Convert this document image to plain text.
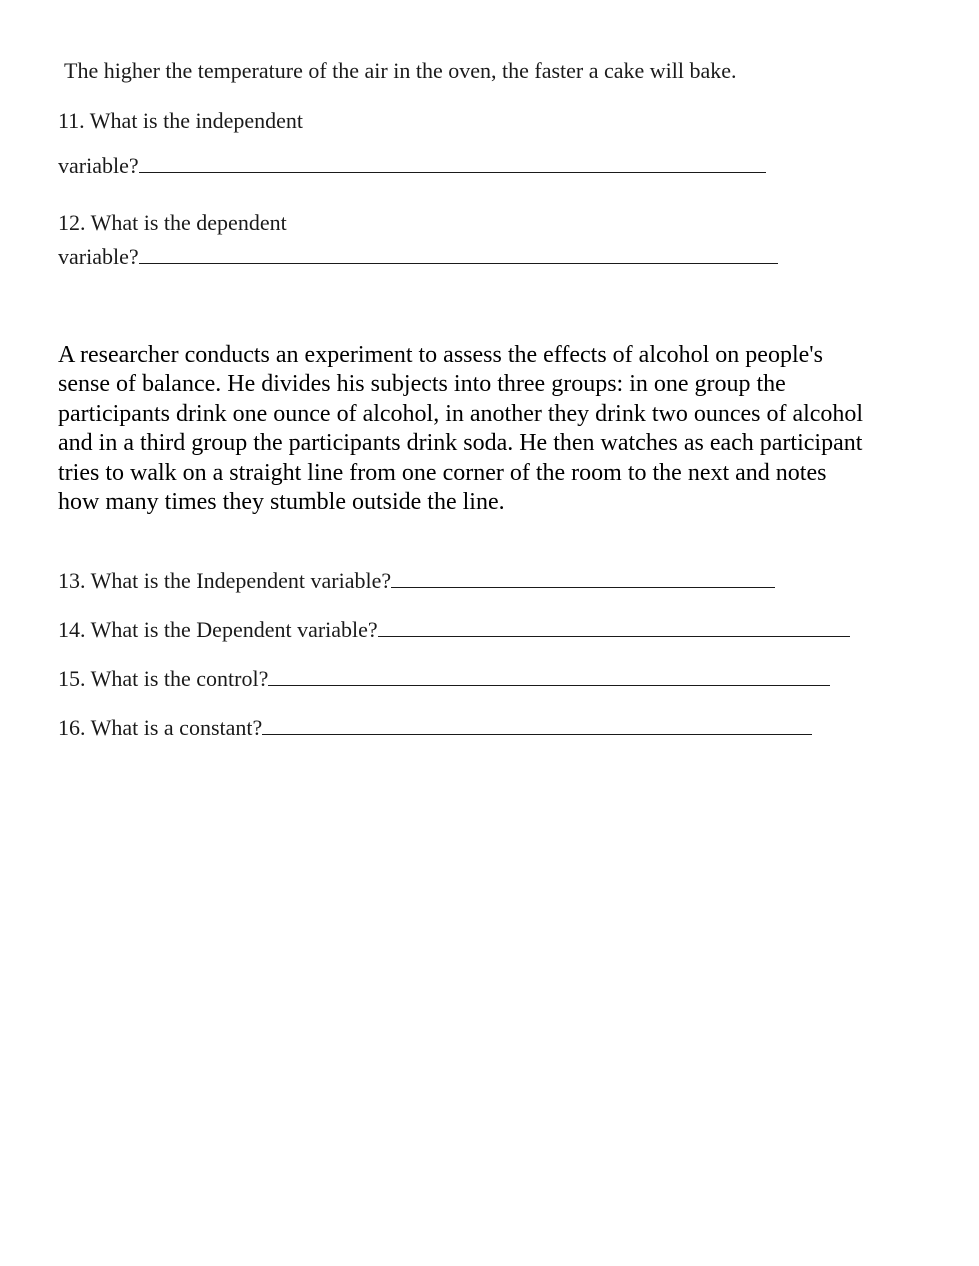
The higher the temperature of the air in the oven, the faster a cake will bake.
11. What is the independent
variable?
12. What is the dependent
variable?
A researcher conducts an experiment to assess the effects of alcohol on people's
sense of balance. He divides his subjects into three groups: in one group the
participants drink one ounce of alcohol, in another they drink two ounces of alcohol
and in a third group the participants drink soda. He then watches as each participant
tries to walk on a straight line from one corner of the room to the next and notes
how many times they stumble outside the line.
13. What is the Independent variable?
14. What is the Dependent variable?
15. What is the control?
16. What is a constant?
